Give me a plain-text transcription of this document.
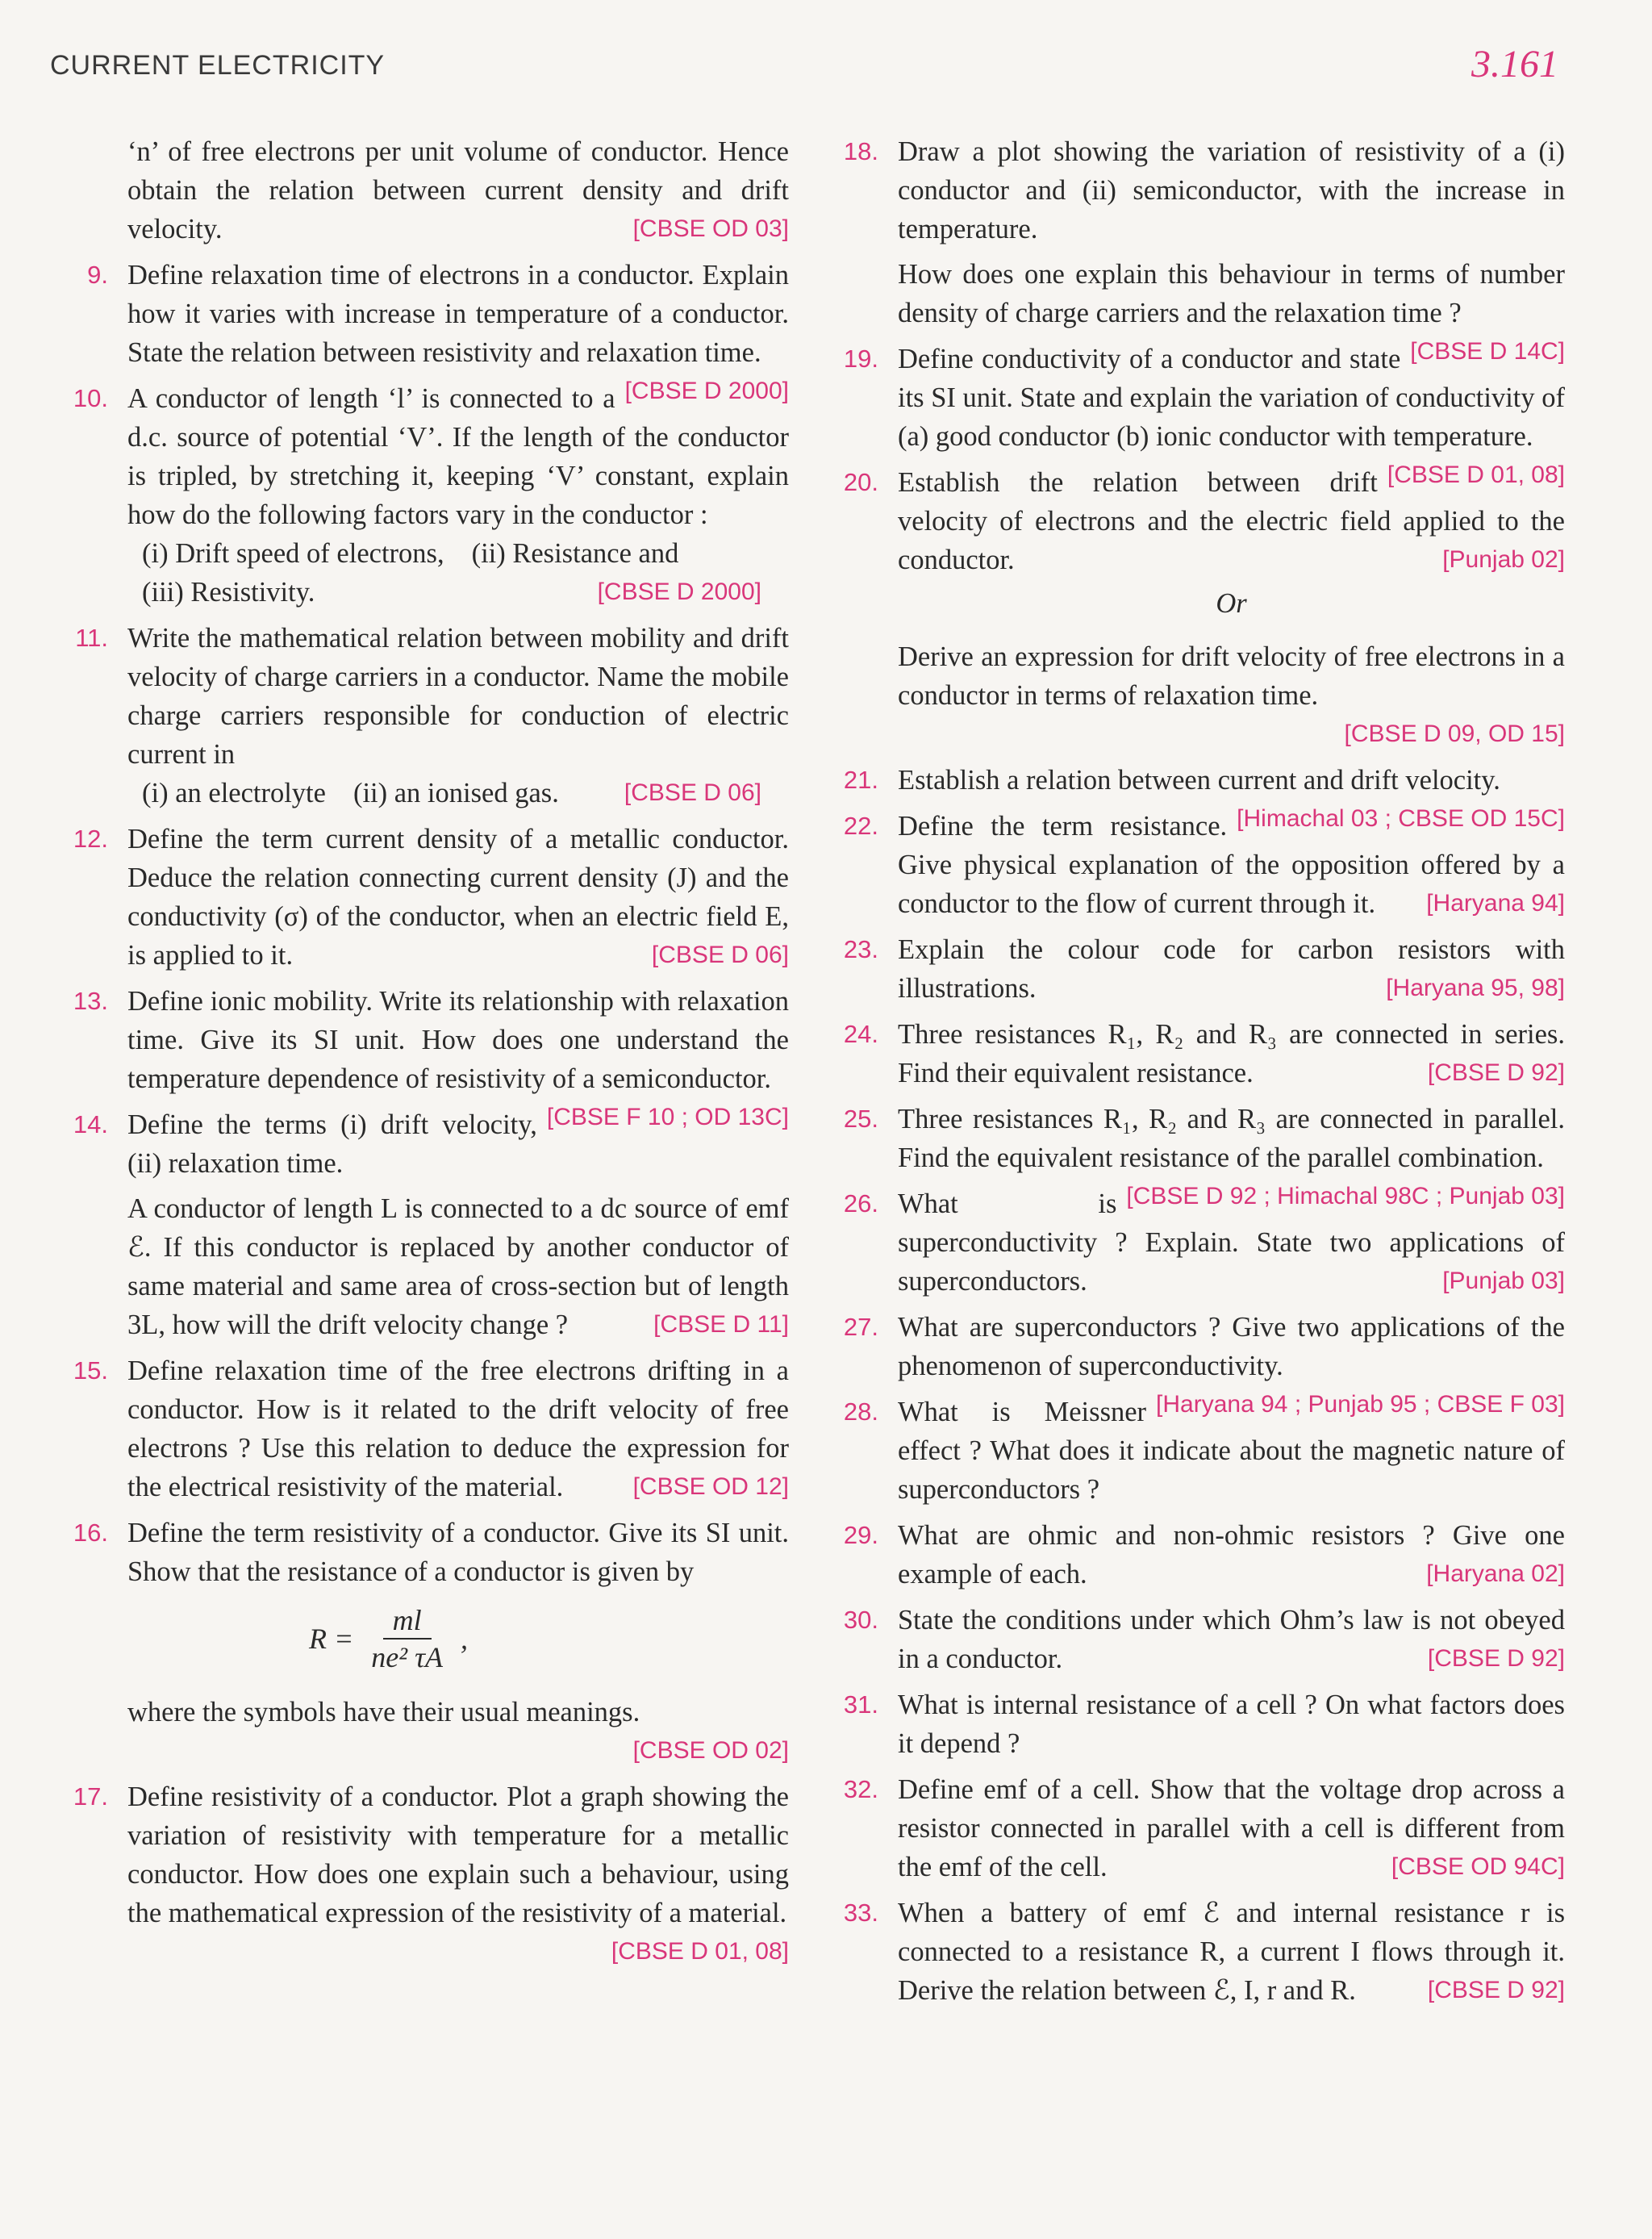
CURRENT ELECTRICITY	3.161

‘n’ of free electrons per unit volume of conductor. Hence obtain the relation between current density and drift velocity.	[CBSE OD 03]

9. Define relaxation time of electrons in a conductor. Explain how it varies with increase in temperature of a conductor. State the relation between resistivity and relaxation time.
[CBSE D 2000]

10. A conductor of length ‘l’ is connected to a d.c. source of potential ‘V’. If the length of the conductor is tripled, by stretching it, keeping ‘V’ constant, explain how do the following factors vary in the conductor :

(i) Drift speed of electrons, (ii) Resistance and(iii) Resistivity.	[CBSE D 2000]
11. Write the mathematical relation between mobility and drift velocity of charge carriers in a conductor. Name the mobile charge carriers responsible for conduction of electric current in

(i) an electrolyte (ii) an ionised gas.	[CBSE D 06]
12. Define the term current density of a metallic conductor. Deduce the relation connecting current density (J) and the conductivity (σ) of the conductor, when an electric field E, is applied to it.	[CBSE D 06]

13. Define ionic mobility. Write its relationship with relaxation time. Give its SI unit. How does one understand the temperature dependence of resistivity of a semiconductor.
[CBSE F 10 ; OD 13C]

14. Define the terms (i) drift velocity, (ii) relaxation time.

A conductor of length L is connected to a dc source of emf ℰ. If this conductor is replaced by another conductor of same material and same area of cross-section but of length 3L, how will the drift velocity change ?	[CBSE D 11]

15. Define relaxation time of the free electrons drifting in a conductor. How is it related to the drift velocity of free electrons ? Use this relation to deduce the expression for the electrical resistivity of the material.	[CBSE OD 12]

16. Define the term resistivity of a conductor. Give its SI unit. Show that the resistance of a conductor is given by

$R = \frac{ml}{\text{ne² τA}}$ ,

where the symbols have their usual meanings.

[CBSE OD 02]
17. Define resistivity of a conductor. Plot a graph showing the variation of resistivity with temperature for a metallic conductor. How does one explain such a behaviour, using the mathematical expression of the resistivity of a material.
[CBSE D 01, 08]

18. Draw a plot showing the variation of resistivity of a (i) conductor and (ii) semiconductor, with the increase in temperature.

How does one explain this behaviour in terms of number density of charge carriers and the relaxation time ?
[CBSE D 14C]

19. Define conductivity of a conductor and state its SI unit. State and explain the variation of conductivity of (a) good conductor (b) ionic conductor with temperature.
[CBSE D 01, 08]

20. Establish the relation between drift velocity of electrons and the electric field applied to the conductor.	[Punjab 02]

Or

Derive an expression for drift velocity of free electrons in a conductor in terms of relaxation time.

[CBSE D 09, OD 15]
21. Establish a relation between current and drift velocity.
[Himachal 03 ; CBSE OD 15C]

22. Define the term resistance. Give physical explanation of the opposition offered by a conductor to the flow of current through it. [Haryana 94]

23. Explain the colour code for carbon resistors with illustrations.	[Haryana 95, 98]

24. Three resistances R₁, R₂ and R₃ are connected in series. Find their equivalent resistance.	[CBSE D 92]

25. Three resistances R₁, R₂ and R₃ are connected in parallel. Find the equivalent resistance of the parallel combination.
[CBSE D 92 ; Himachal 98C ; Punjab 03]

26. What is superconductivity ? Explain. State two applications of superconductors.	[Punjab 03]

27. What are superconductors ? Give two applications of the phenomenon of superconductivity.
[Haryana 94 ; Punjab 95 ; CBSE F 03]

28. What is Meissner effect ? What does it indicate about the magnetic nature of superconductors ?

29. What are ohmic and non-ohmic resistors ? Give one example of each.	[Haryana 02]

30. State the conditions under which Ohm’s law is not obeyed in a conductor.	[CBSE D 92]

31. What is internal resistance of a cell ? On what factors does it depend ?

32. Define emf of a cell. Show that the voltage drop across a resistor connected in parallel with a cell is different from the emf of the cell.	[CBSE OD 94C]

33. When a battery of emf ℰ and internal resistance r is connected to a resistance R, a current I flows through it. Derive the relation between ℰ, I, r and R.	[CBSE D 92]
